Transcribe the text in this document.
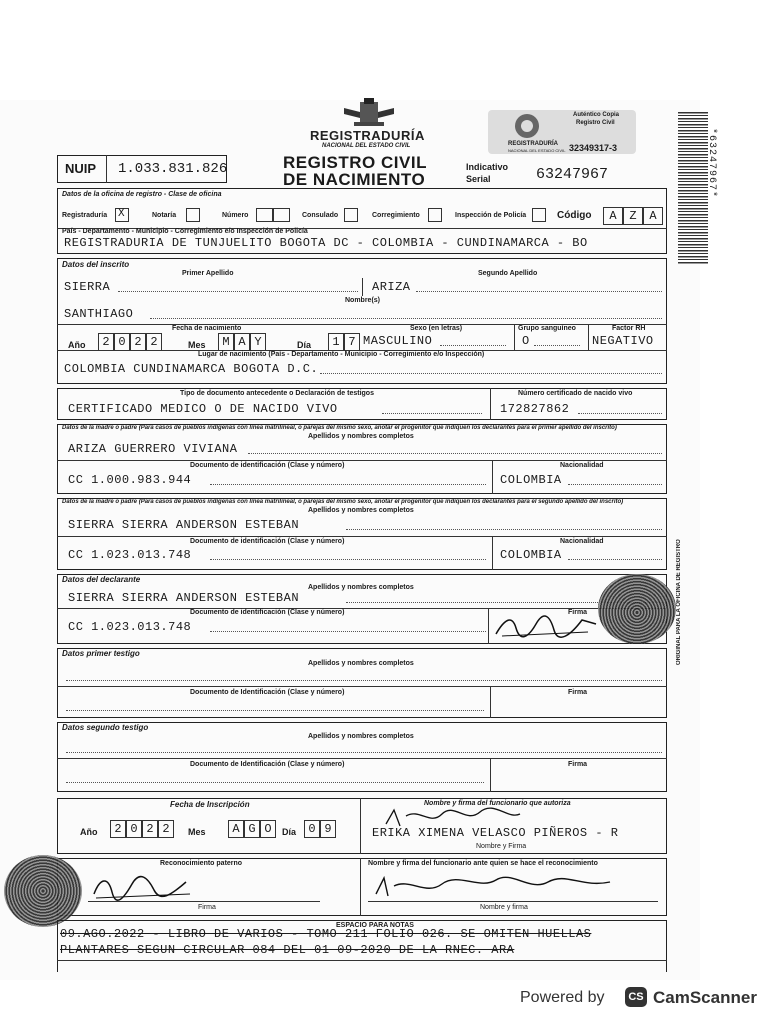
REGISTRADURÍA
NACIONAL DEL ESTADO CIVIL
NUIP 1.033.831.826	REGISTRO CIVIL
DE NACIMIENTO
Indicativo
Serial	63247967
Auténtico Copia
Registro Civil
REGISTRADURÍA
NACIONAL DEL ESTADO CIVIL 32349317-3	*63247967*
ORIGINAL PARA LA OFICINA DE REGISTRO
Datos de la oficina de registro - Clase de oficina
Registraduría X	Notaría	Número	Consulado	Corregimiento	Inspección de Policía	Código	A	Z	A
País - Departamento - Municipio - Corregimiento e/o Inspección de Policía
REGISTRADURIA DE TUNJUELITO BOGOTA DC - COLOMBIA - CUNDINAMARCA - BO
Datos del inscrito
Primer Apellido	Segundo Apellido
SIERRA	ARIZA
Nombre(s)
SANTHIAGO
Fecha de nacimiento	Sexo (en letras)	Grupo sanguíneo	Factor RH
Año	2 0 2 2	Mes	M A Y	Día	1 7 MASCULINO	O	NEGATIVO
Lugar de nacimiento (País - Departamento - Municipio - Corregimiento e/o Inspección)
COLOMBIA CUNDINAMARCA BOGOTA D.C.
Tipo de documento antecedente o Declaración de testigos	Número certificado de nacido vivo
CERTIFICADO MEDICO O DE NACIDO VIVO	172827862
Datos de la madre o padre (Para casos de pueblos indígenas con línea matrilineal, o parejas del mismo sexo, anotar el progenitor que indiquen los declarantes para el primer apellido del inscrito)
Apellidos y nombres completos
ARIZA GUERRERO VIVIANA
Documento de identificación (Clase y número)	Nacionalidad
CC 1.000.983.944	COLOMBIA
Datos de la madre o padre (Para casos de pueblos indígenas con línea matrilineal, o parejas del mismo sexo, anotar el progenitor que indiquen los declarantes para el segundo apellido del inscrito)
Apellidos y nombres completos
SIERRA SIERRA ANDERSON ESTEBAN
Documento de identificación (Clase y número)	Nacionalidad
CC 1.023.013.748	COLOMBIA
Datos del declarante
Apellidos y nombres completos
SIERRA SIERRA ANDERSON ESTEBAN
Documento de identificación (Clase y número)	Firma
CC 1.023.013.748
Datos primer testigo
Apellidos y nombres completos
Documento de Identificación (Clase y número)	Firma
Datos segundo testigo
Apellidos y nombres completos
Documento de Identificación (Clase y número)	Firma
Fecha de Inscripción
Año	2 0 2 2	Mes	A G O	Día	0 9
Nombre y firma del funcionario que autoriza
ERIKA XIMENA VELASCO PIÑEROS - R
Nombre y Firma
Reconocimiento paterno
Firma
Nombre y firma del funcionario ante quien se hace el reconocimiento
Nombre y firma
ESPACIO PARA NOTAS
09.AGO.2022 - LIBRO DE VARIOS - TOMO 211 FOLIO 026. SE OMITEN HUELLAS
PLANTARES SEGUN CIRCULAR 084 DEL 01 09-2020 DE LA RNEC. ARA
Powered by	CS CamScanner
